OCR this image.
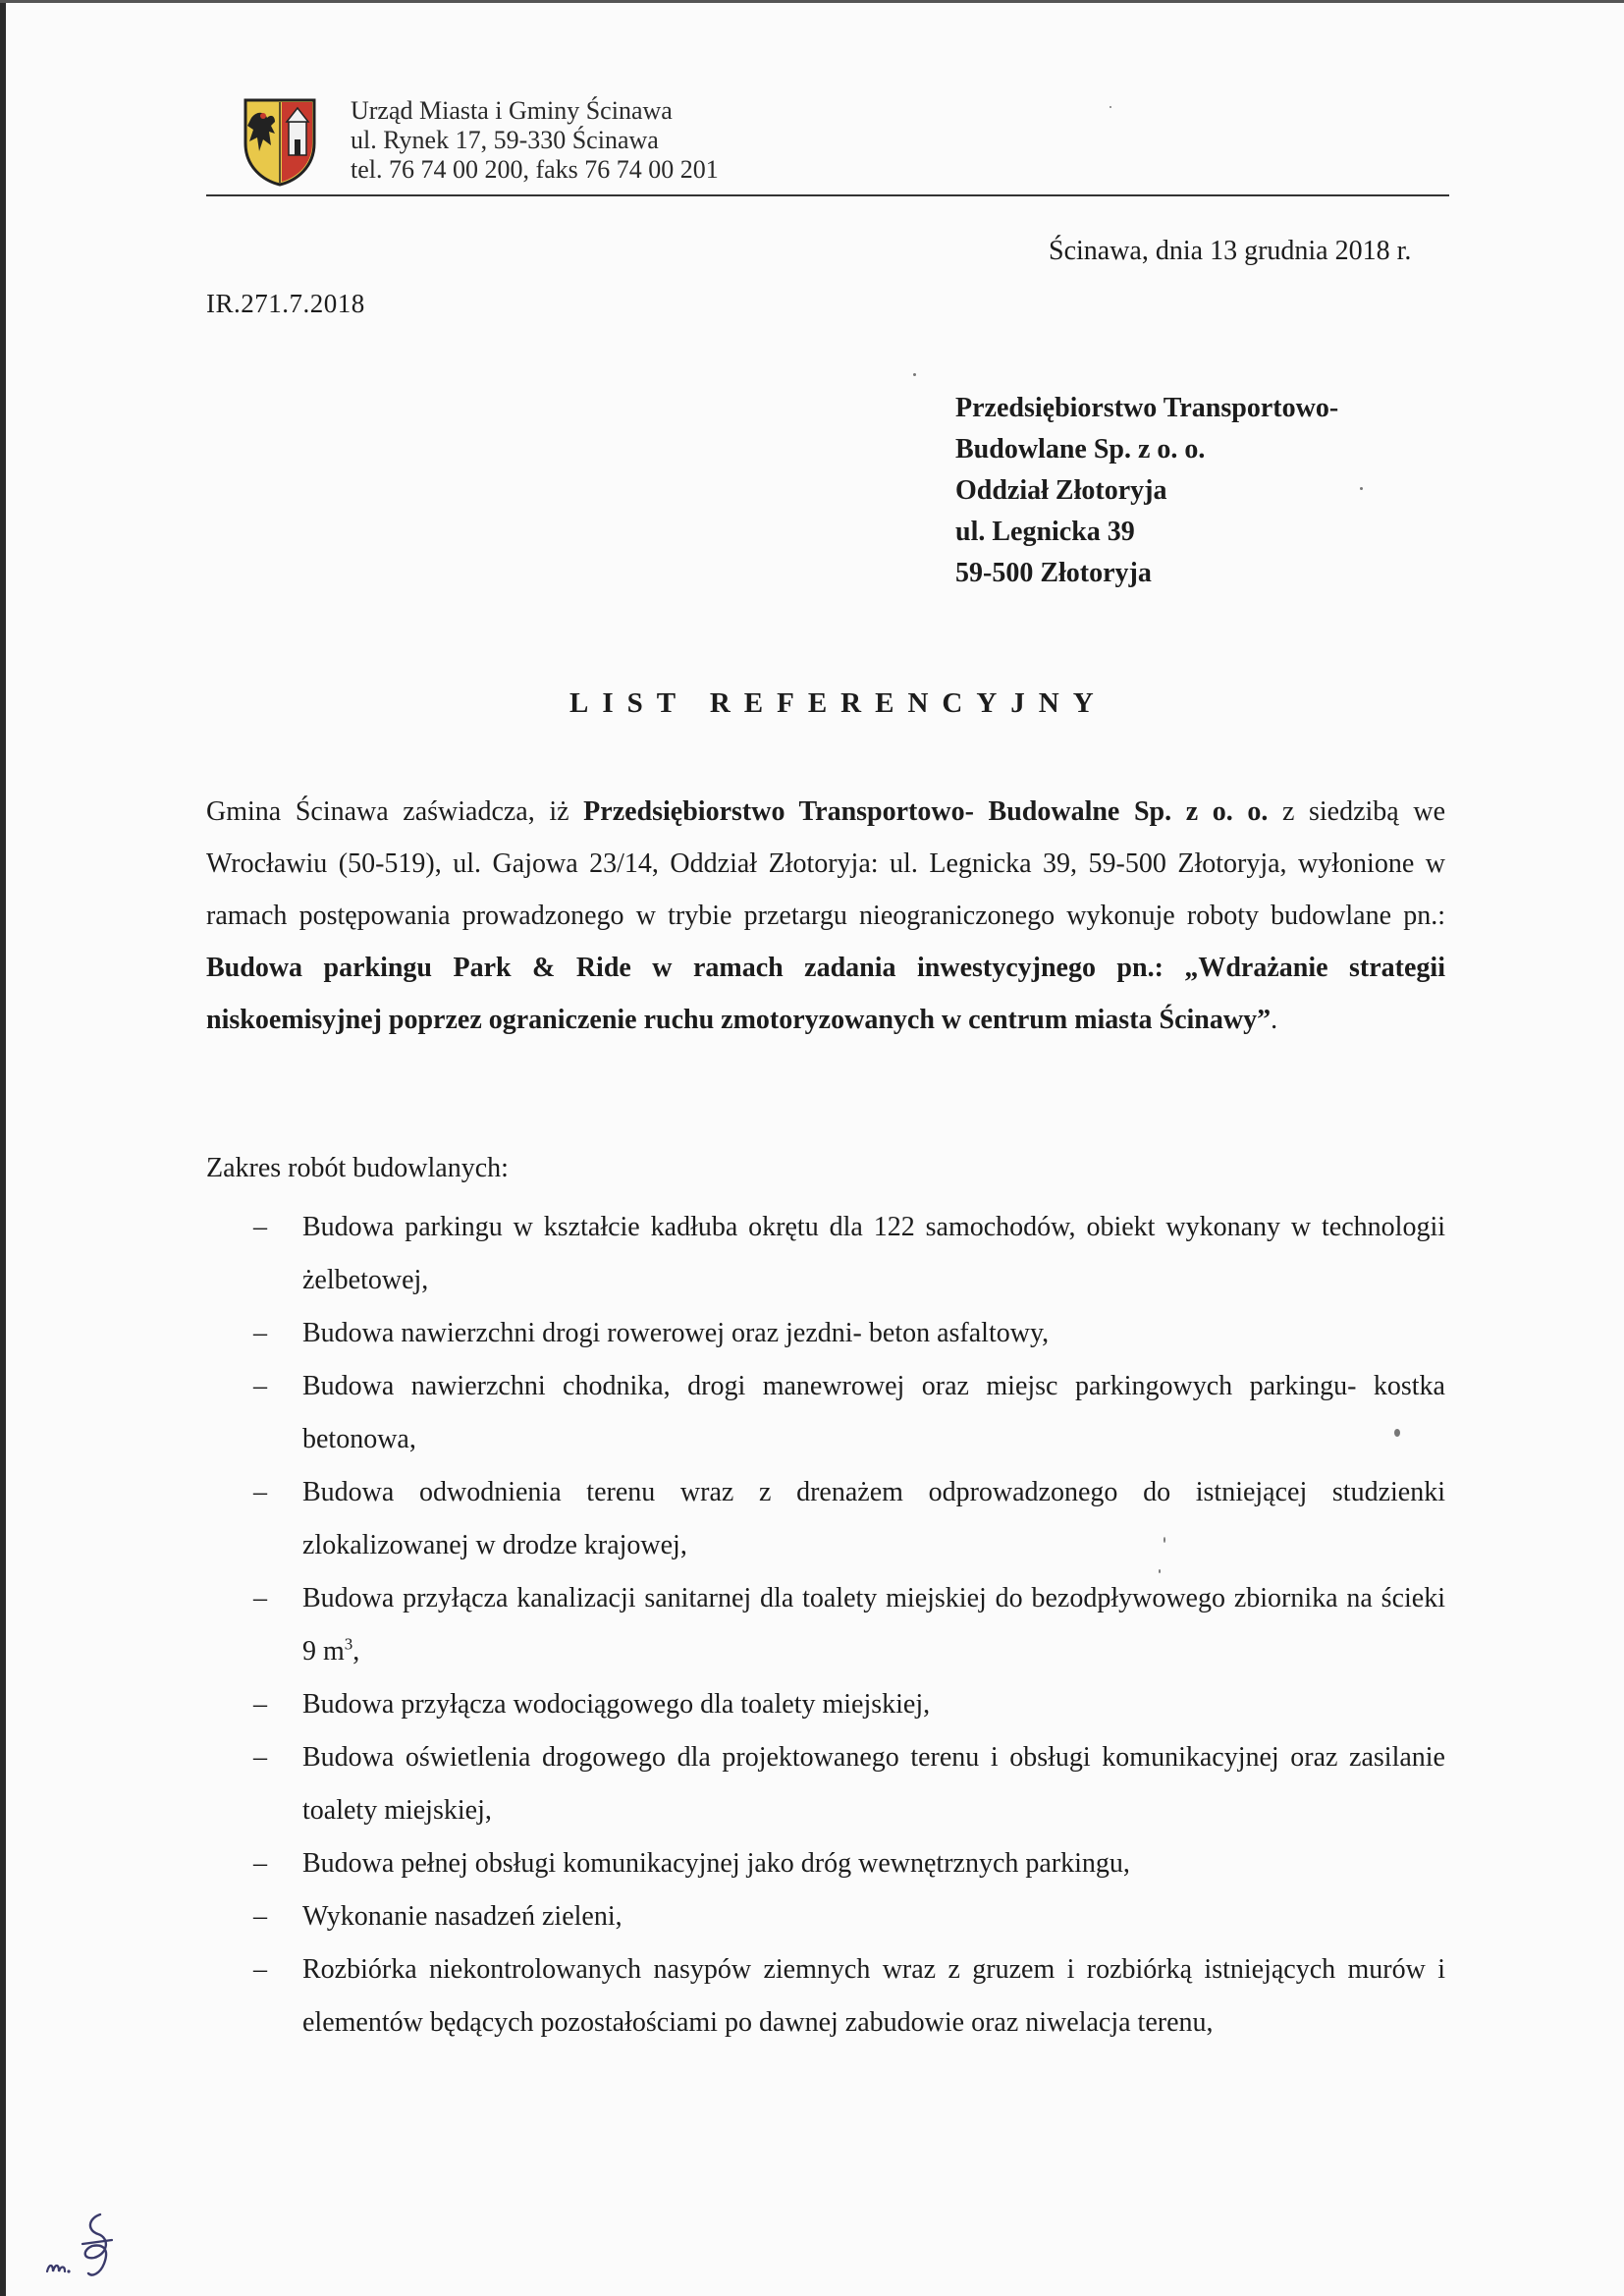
Urząd Miasta i Gminy Ścinawa
ul. Rynek 17, 59-330 Ścinawa
tel. 76 74 00 200, faks 76 74 00 201
Ścinawa, dnia 13 grudnia 2018 r.
IR.271.7.2018
Przedsiębiorstwo Transportowo-
Budowlane Sp. z o. o.
Oddział Złotoryja
ul. Legnicka 39
59-500 Złotoryja
LIST REFERENCYJNY
Gmina Ścinawa zaświadcza, iż Przedsiębiorstwo Transportowo- Budowalne Sp. z o. o. z siedzibą we Wrocławiu (50-519), ul. Gajowa 23/14, Oddział Złotoryja: ul. Legnicka 39, 59-500 Złotoryja, wyłonione w ramach postępowania prowadzonego w trybie przetargu nieograniczonego wykonuje roboty budowlane pn.: Budowa parkingu Park & Ride w ramach zadania inwestycyjnego pn.: „Wdrażanie strategii niskoemisyjnej poprzez ograniczenie ruchu zmotoryzowanych w centrum miasta Ścinawy”.
Zakres robót budowlanych:
– Budowa parkingu w kształcie kadłuba okrętu dla 122 samochodów, obiekt wykonany w technologii żelbetowej,
– Budowa nawierzchni drogi rowerowej oraz jezdni- beton asfaltowy,
– Budowa nawierzchni chodnika, drogi manewrowej oraz miejsc parkingowych parkingu- kostka betonowa,
– Budowa odwodnienia terenu wraz z drenażem odprowadzonego do istniejącej studzienki zlokalizowanej w drodze krajowej,
– Budowa przyłącza kanalizacji sanitarnej dla toalety miejskiej do bezodpływowego zbiornika na ścieki 9 $m^3$,
– Budowa przyłącza wodociągowego dla toalety miejskiej,
– Budowa oświetlenia drogowego dla projektowanego terenu i obsługi komunikacyjnej oraz zasilanie toalety miejskiej,
– Budowa pełnej obsługi komunikacyjnej jako dróg wewnętrznych parkingu,
– Wykonanie nasadzeń zieleni,
– Rozbiórka niekontrolowanych nasypów ziemnych wraz z gruzem i rozbiórką istniejących murów i elementów będących pozostałościami po dawnej zabudowie oraz niwelacja terenu,
